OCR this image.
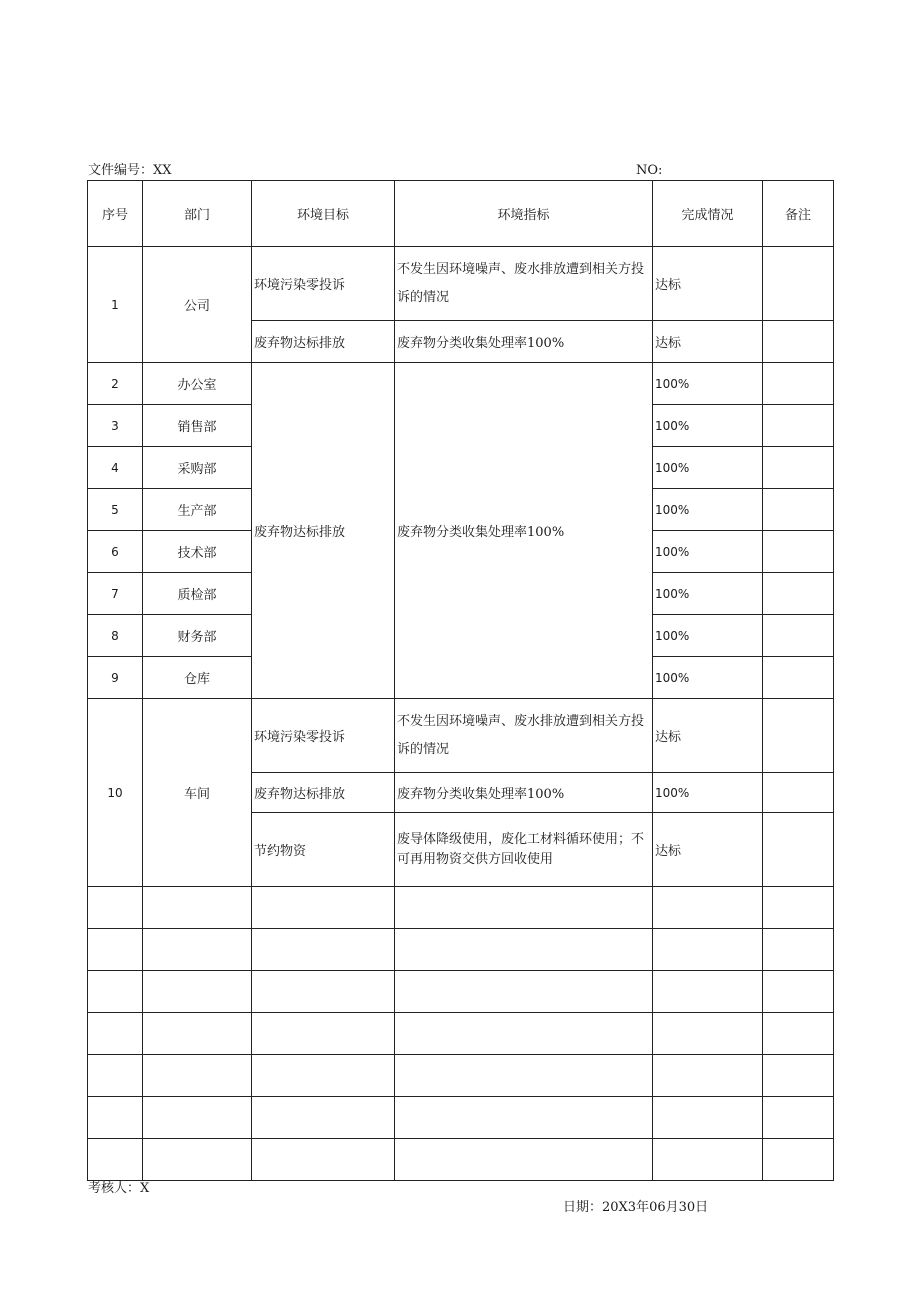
文件编号：XX	NO:
序号	部门	环境目标	环境指标	完成情况	备注
1	公司	环境污染零投诉	不发生因环境噪声、废水排放遭到相关方投诉的情况	达标	
		废弃物达标排放	废弃物分类收集处理率100%	达标	
2	办公室	废弃物达标排放	废弃物分类收集处理率100%	100%	
3	销售部			100%	
4	采购部			100%	
5	生产部			100%	
6	技术部			100%	
7	质检部			100%	
8	财务部			100%	
9	仓库			100%	
10	车间	环境污染零投诉	不发生因环境噪声、废水排放遭到相关方投诉的情况	达标	
		废弃物达标排放	废弃物分类收集处理率100%	100%	
		节约物资	废导体降级使用，废化工材料循环使用；不可再用物资交供方回收使用	达标	

考核人：X
日期：20X3年06月30日
